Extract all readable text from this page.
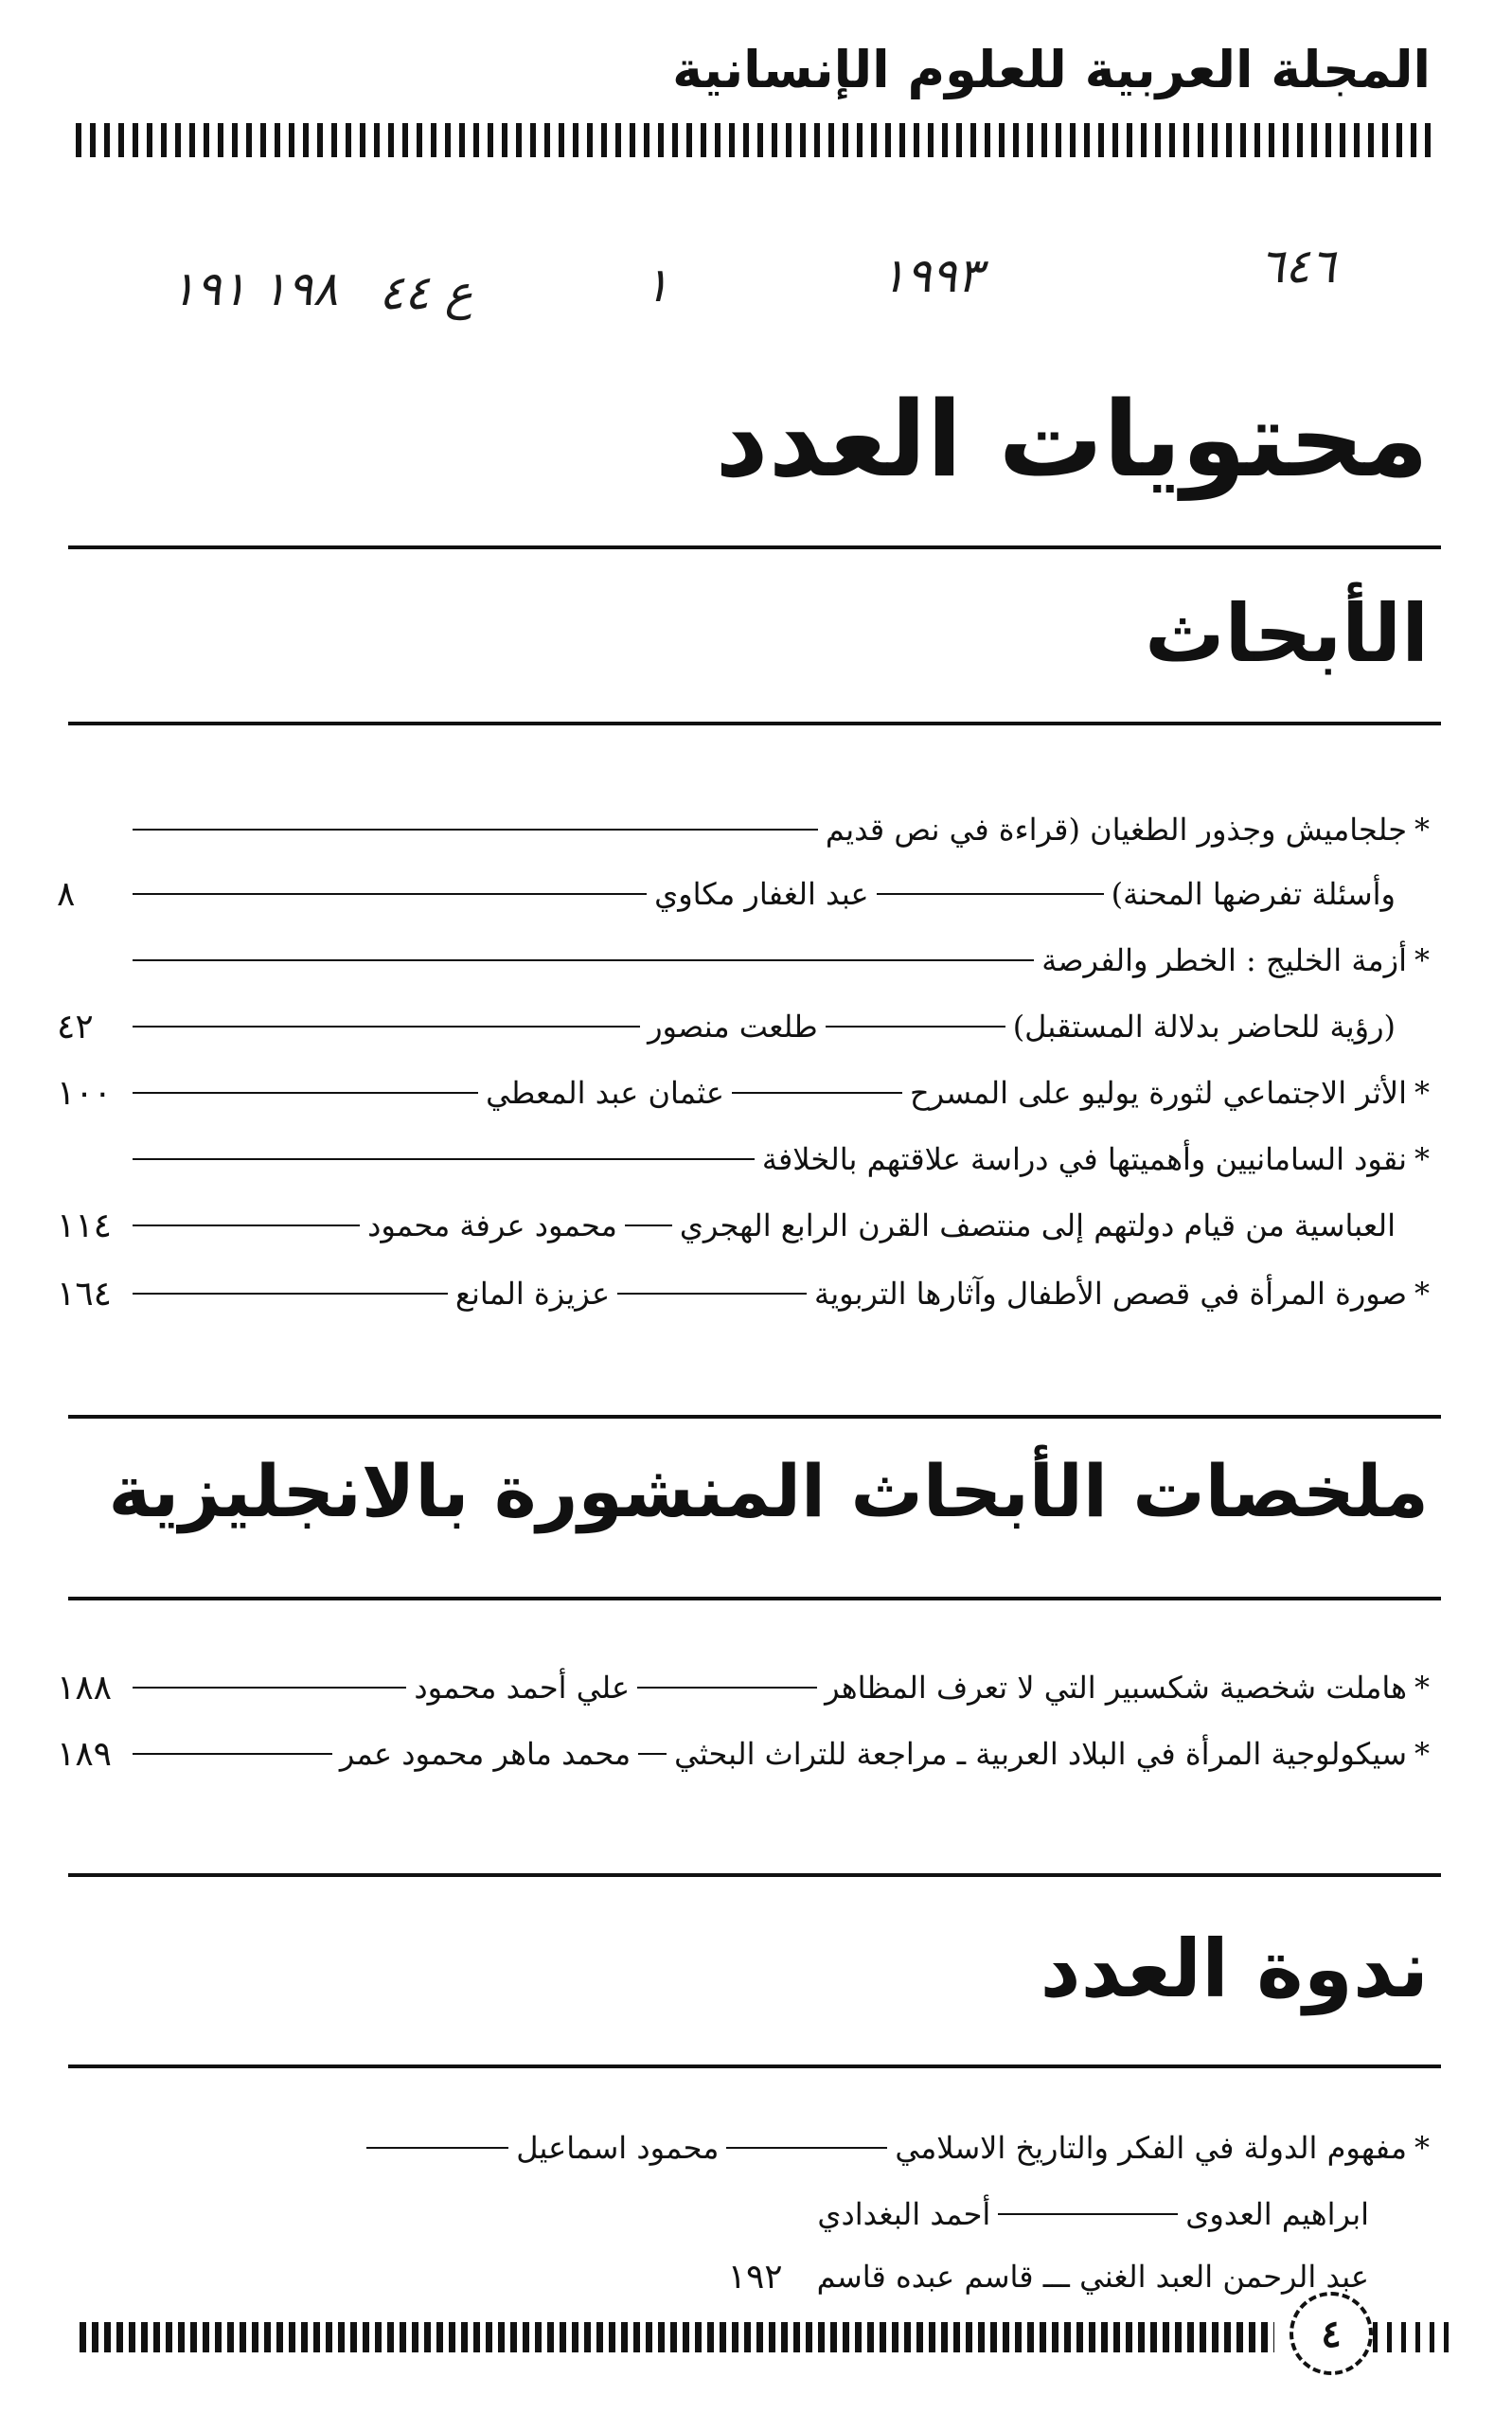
المجلة العربية للعلوم الإنسانية
٦٤٦
١٩٩٣
١
ع ٤٤
١٩٨ ١٩١
محتويات العدد
الأبحاث
*
جلجاميش وجذور الطغيان (قراءة في نص قديم
وأسئلة تفرضها المحنة)
عبد الغفار مكاوي
٨
*
أزمة الخليج : الخطر والفرصة
(رؤية للحاضر بدلالة المستقبل)
طلعت منصور
٤٢
*
الأثر الاجتماعي لثورة يوليو على المسرح
عثمان عبد المعطي
١٠٠
*
نقود السامانيين وأهميتها في دراسة علاقتهم بالخلافة
العباسية من قيام دولتهم إلى منتصف القرن الرابع الهجري
محمود عرفة محمود
١١٤
*
صورة المرأة في قصص الأطفال وآثارها التربوية
عزيزة المانع
١٦٤
ملخصات الأبحاث المنشورة بالانجليزية
*
هاملت شخصية شكسبير التي لا تعرف المظاهر
علي أحمد محمود
١٨٨
*
سيكولوجية المرأة في البلاد العربية ـ مراجعة للتراث البحثي
محمد ماهر محمود عمر
١٨٩
ندوة العدد
*
مفهوم الدولة في الفكر والتاريخ الاسلامي
محمود اسماعيل
ابراهيم العدوى
أحمد البغدادي
عبد الرحمن العبد الغني ـــ قاسم عبده قاسم
١٩٢
٤
